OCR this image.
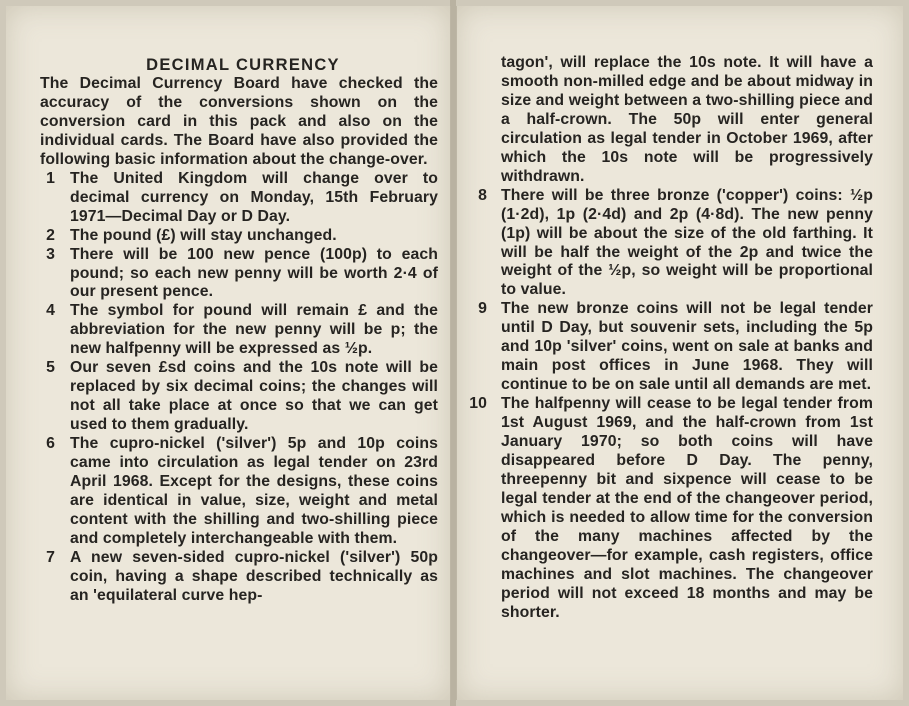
DECIMAL CURRENCY

The Decimal Currency Board have checked the accuracy of the conversions shown on the conversion card in this pack and also on the individual cards. The Board have also provided the following basic information about the change-over.

1 The United Kingdom will change over to decimal currency on Monday, 15th February 1971—Decimal Day or D Day.
2 The pound (£) will stay unchanged.
3 There will be 100 new pence (100p) to each pound; so each new penny will be worth 2·4 of our present pence.
4 The symbol for pound will remain £ and the abbreviation for the new penny will be p; the new halfpenny will be expressed as ½p.
5 Our seven £sd coins and the 10s note will be replaced by six decimal coins; the changes will not all take place at once so that we can get used to them gradually.
6 The cupro-nickel ('silver') 5p and 10p coins came into circulation as legal tender on 23rd April 1968. Except for the designs, these coins are identical in value, size, weight and metal content with the shilling and two-shilling piece and completely interchangeable with them.
7 A new seven-sided cupro-nickel ('silver') 50p coin, having a shape described technically as an 'equilateral curve hep-

tagon', will replace the 10s note. It will have a smooth non-milled edge and be about midway in size and weight between a two-shilling piece and a half-crown. The 50p will enter general circulation as legal tender in October 1969, after which the 10s note will be progressively withdrawn.

8 There will be three bronze ('copper') coins: ½p (1·2d), 1p (2·4d) and 2p (4·8d). The new penny (1p) will be about the size of the old farthing. It will be half the weight of the 2p and twice the weight of the ½p, so weight will be proportional to value.
9 The new bronze coins will not be legal tender until D Day, but souvenir sets, including the 5p and 10p 'silver' coins, went on sale at banks and main post offices in June 1968. They will continue to be on sale until all demands are met.
10 The halfpenny will cease to be legal tender from 1st August 1969, and the half-crown from 1st January 1970; so both coins will have disappeared before D Day. The penny, threepenny bit and sixpence will cease to be legal tender at the end of the changeover period, which is needed to allow time for the conversion of the many machines affected by the changeover—for example, cash registers, office machines and slot machines. The changeover period will not exceed 18 months and may be shorter.
